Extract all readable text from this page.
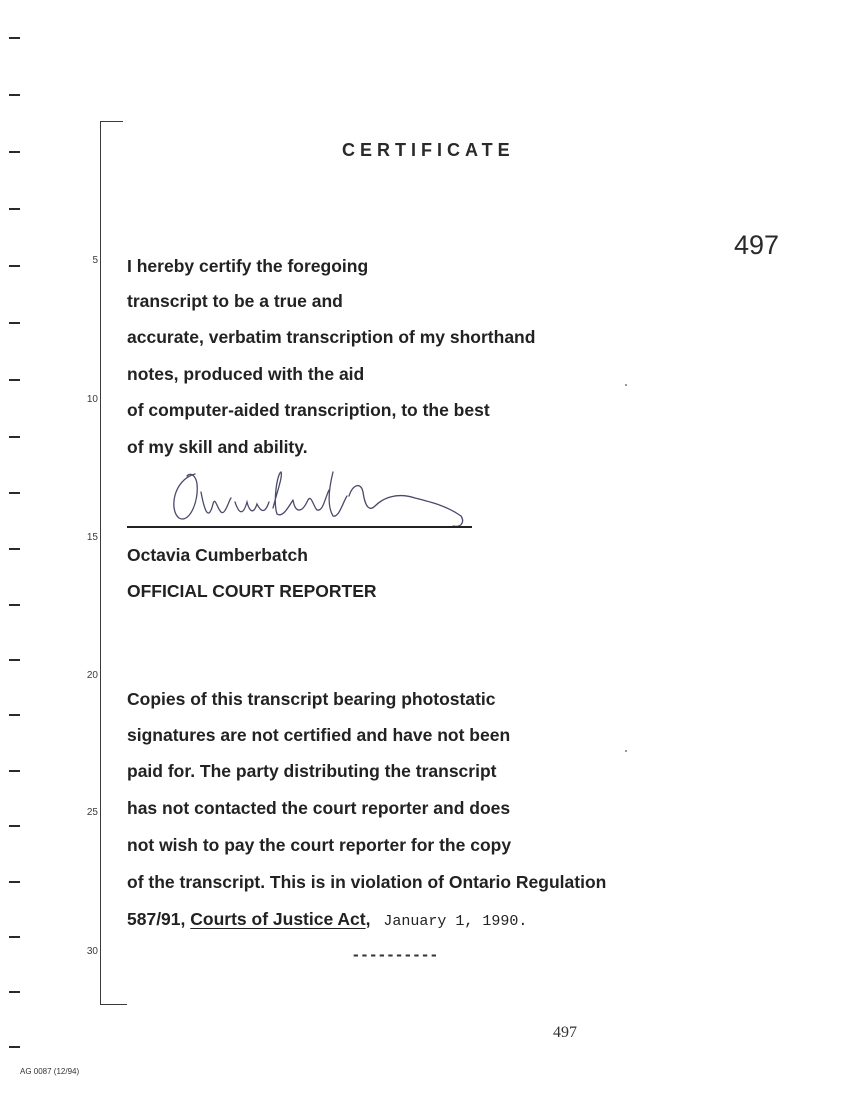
5
10
15
20
25
30
CERTIFICATE
497
I hereby certify the foregoing
transcript to be a true and
accurate, verbatim transcription of my shorthand
notes, produced with the aid
of computer-aided transcription, to the best
of my skill and ability.
Octavia Cumberbatch
OFFICIAL COURT REPORTER
Copies of this transcript bearing photostatic
signatures are not certified and have not been
paid for. The party distributing the transcript
has not contacted the court reporter and does
not wish to pay the court reporter for the copy
of the transcript. This is in violation of Ontario Regulation
587/91, Courts of Justice Act, January 1, 1990.
----------
497
AG 0087 (12/94)
